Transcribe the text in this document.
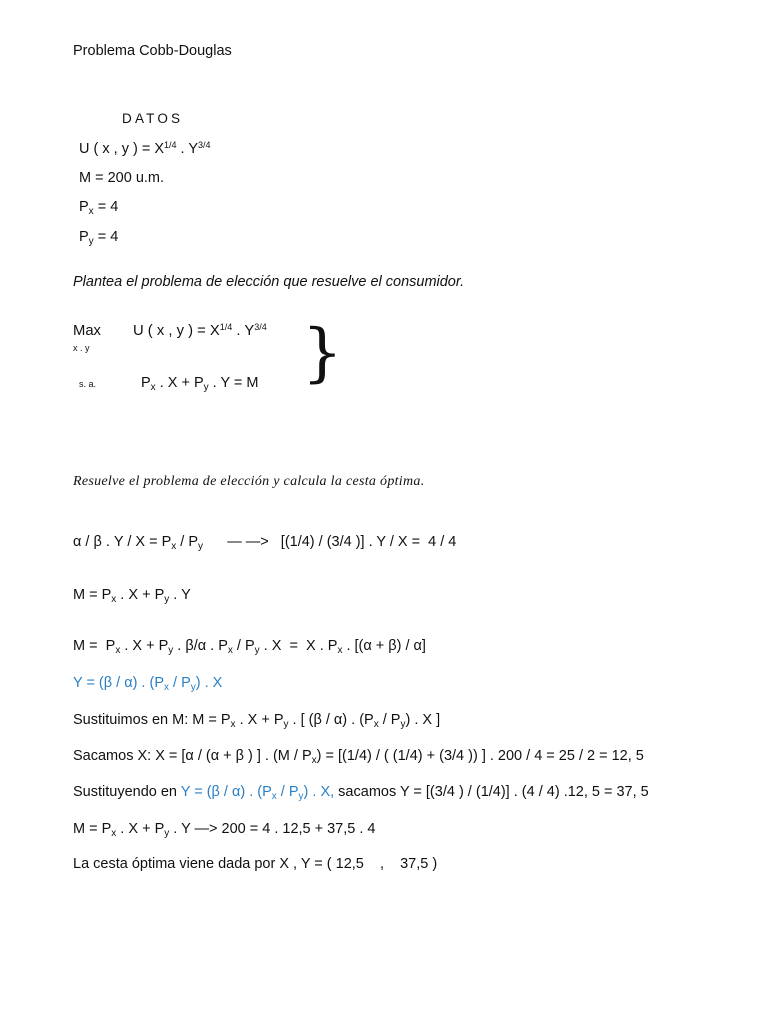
Problema Cobb-Douglas
DATOS
U ( x , y ) = $X^{1/4}$ . $Y^{3/4}$
M = 200 u.m.
$P_x = 4$
$P_y = 4$
Plantea el problema de elección que resuelve el consumidor.
Max
x . y
U ( x , y ) = $X^{1/4}$ . $Y^{3/4}$
s. a.	$P_x$ . $X + P_y$ . Y = M }
Resuelve el problema de elección y calcula la cesta óptima.
α / β . $Y / X = P_x / P_y$      — —>   [(1/4) / (3/4 )] . Y / X =  4 / 4
$M = P_x$ . $X + P_y$ . Y
$M = P_x$ . $X + P_y$ . β/α . $P_x / P_y$ . X  =  X . $P_x$ . [(α + β) / α]
Y = (β / α) . $(P_x / P_y)$ . X
Sustituimos en M: $M = P_x$ . $X + P_y$ . [ (β / α) . $(P_x / P_y)$ . X ]
Sacamos X: X = [α / (α + β ) ] . $(M / P_x) = [(1/4)$ / ( (1/4) + (3/4 )) ] . 200 / 4 = 25 / 2 = 12, 5
Sustituyendo en Y = (β / α) . $(P_x / P_y)$ . X, sacamos Y = [(3/4 ) / (1/4)] . (4 / 4) .12, 5 = 37, 5
$M = P_x$ . $X + P_y$ . Y —> 200 = 4 . 12,5 + 37,5 . 4
La cesta óptima viene dada por X , Y = ( 12,5    ,    37,5 )
